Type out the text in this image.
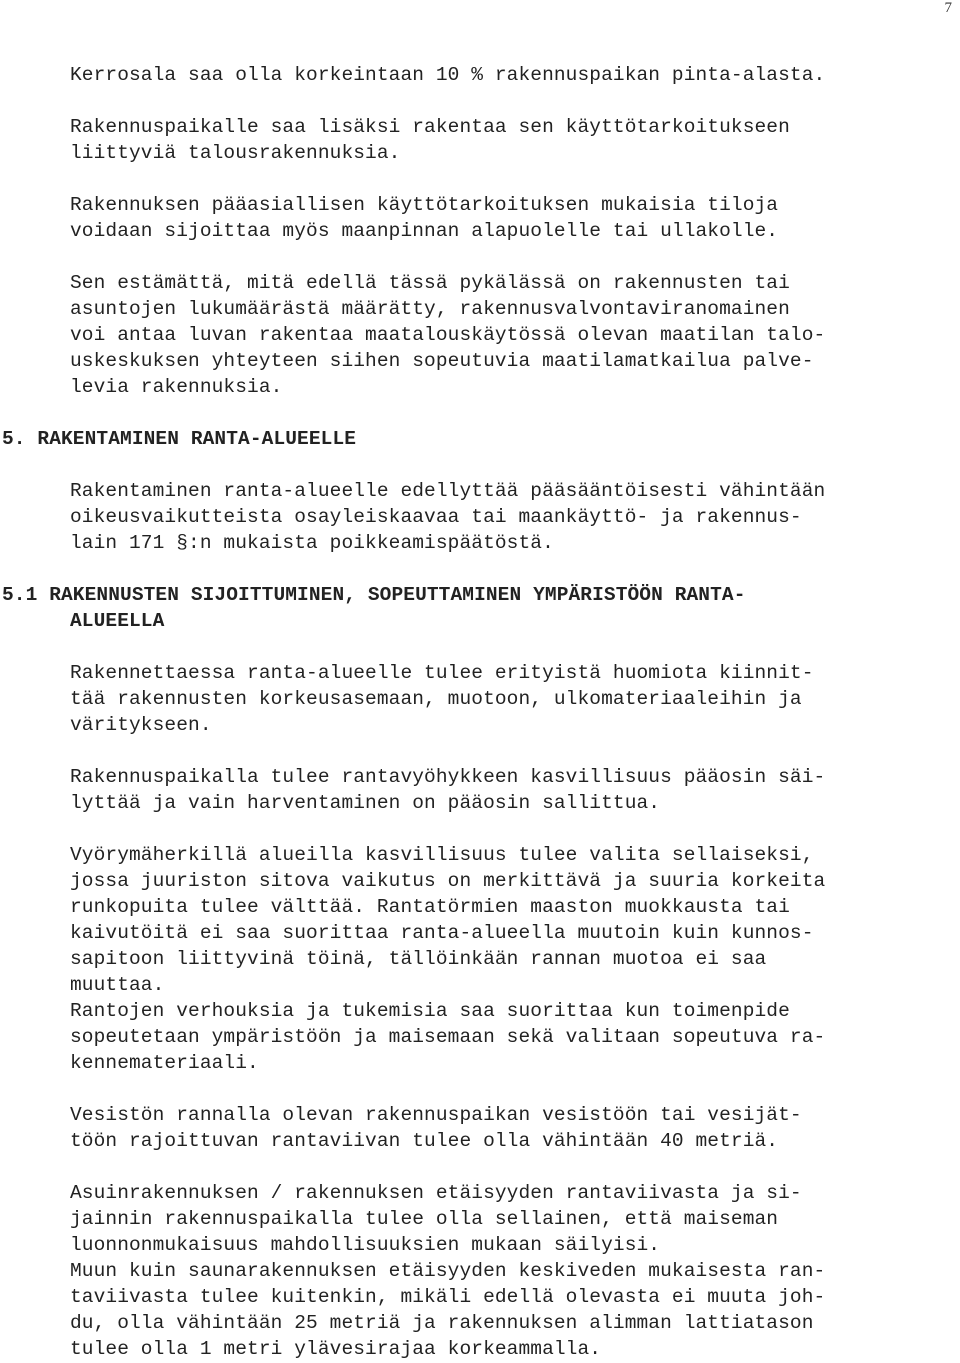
7
Kerrosala saa olla korkeintaan 10 % rakennuspaikan pinta-alasta.
Rakennuspaikalle saa lisäksi rakentaa sen käyttötarkoitukseen
liittyviä talousrakennuksia.
Rakennuksen pääasiallisen käyttötarkoituksen mukaisia tiloja
voidaan sijoittaa myös maanpinnan alapuolelle tai ullakolle.
Sen estämättä, mitä edellä tässä pykälässä on rakennusten tai
asuntojen lukumäärästä määrätty, rakennusvalvontaviranomainen
voi antaa luvan rakentaa maatalouskäytössä olevan maatilan talo-
uskeskuksen yhteyteen siihen sopeutuvia maatilamatkailua palve-
levia rakennuksia.
5. RAKENTAMINEN RANTA-ALUEELLE
Rakentaminen ranta-alueelle edellyttää pääsääntöisesti vähintään
oikeusvaikutteista osayleiskaavaa tai maankäyttö- ja rakennus-
lain 171 §:n mukaista poikkeamispäätöstä.
5.1 RAKENNUSTEN SIJOITTUMINEN, SOPEUTTAMINEN YMPÄRISTÖÖN RANTA-
ALUEELLA
Rakennettaessa ranta-alueelle tulee erityistä huomiota kiinnit-
tää rakennusten korkeusasemaan, muotoon, ulkomateriaaleihin ja
väritykseen.
Rakennuspaikalla tulee rantavyöhykkeen kasvillisuus pääosin säi-
lyttää ja vain harventaminen on pääosin sallittua.
Vyörymäherkillä alueilla kasvillisuus tulee valita sellaiseksi,
jossa juuriston sitova vaikutus on merkittävä ja suuria korkeita
runkopuita tulee välttää. Rantatörmien maaston muokkausta tai
kaivutöitä ei saa suorittaa ranta-alueella muutoin kuin kunnos-
sapitoon liittyvinä töinä, tällöinkään rannan muotoa ei saa
muuttaa.
Rantojen verhouksia ja tukemisia saa suorittaa kun toimenpide
sopeutetaan ympäristöön ja maisemaan sekä valitaan sopeutuva ra-
kennemateriaali.
Vesistön rannalla olevan rakennuspaikan vesistöön tai vesijät-
töön rajoittuvan rantaviivan tulee olla vähintään 40 metriä.
Asuinrakennuksen / rakennuksen etäisyyden rantaviivasta ja si-
jainnin rakennuspaikalla tulee olla sellainen, että maiseman
luonnonmukaisuus mahdollisuuksien mukaan säilyisi.
Muun kuin saunarakennuksen etäisyyden keskiveden mukaisesta ran-
taviivasta tulee kuitenkin, mikäli edellä olevasta ei muuta joh-
du, olla vähintään 25 metriä ja rakennuksen alimman lattiatason
tulee olla 1 metri ylävesirajaa korkeammalla.
